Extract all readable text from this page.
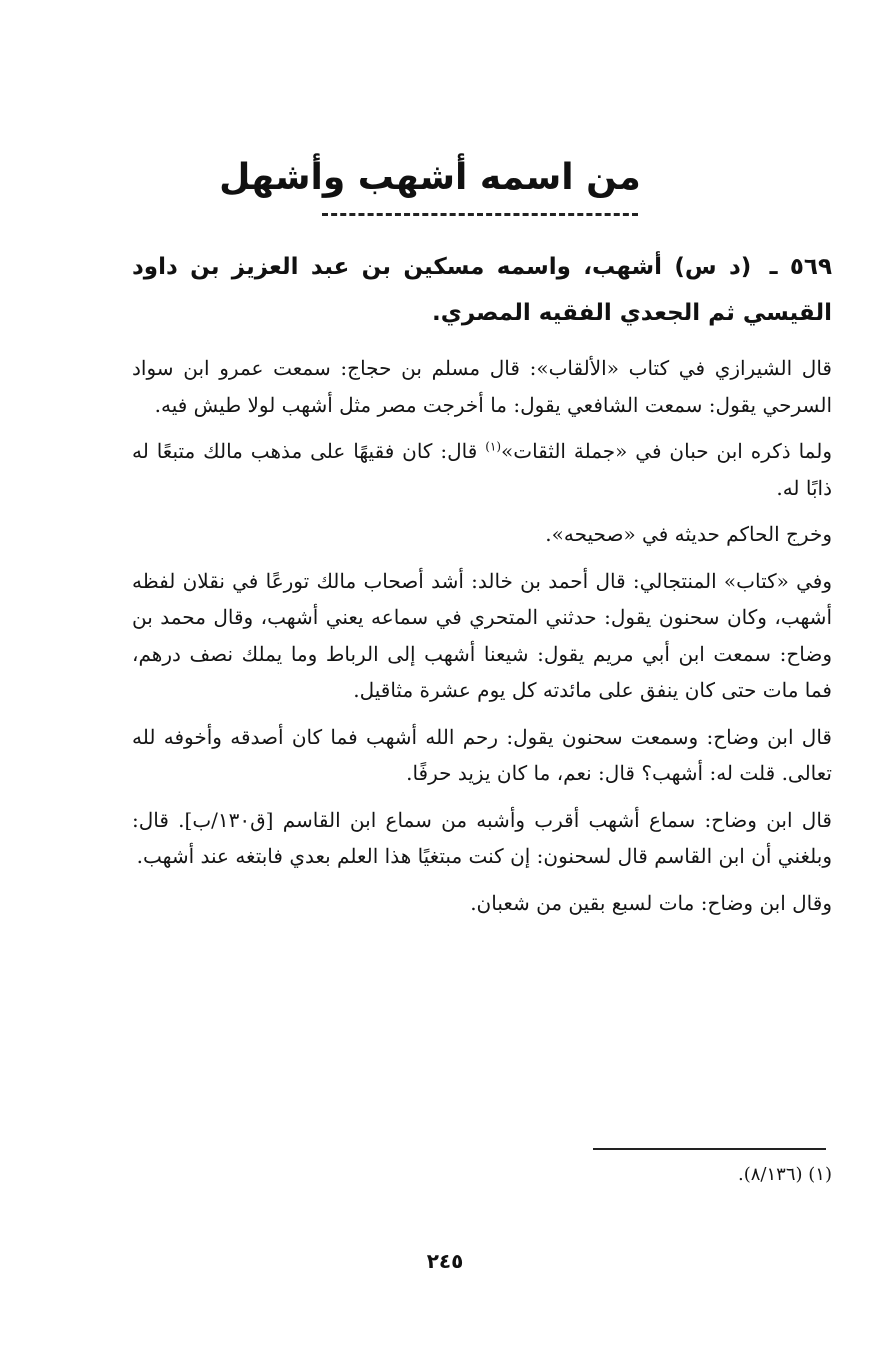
من اسمه أشهب وأشهل

٥٦٩ ـ (د س) أشهب، واسمه مسكين بن عبد العزيز بن داود القيسي ثم الجعدي الفقيه المصري.

قال الشيرازي في كتاب «الألقاب»: قال مسلم بن حجاج: سمعت عمرو ابن سواد السرحي يقول: سمعت الشافعي يقول: ما أخرجت مصر مثل أشهب لولا طيش فيه.

ولما ذكره ابن حبان في «جملة الثقات»$^{(١)}$ قال: كان فقيهًا على مذهب مالك متبعًا له ذابًا له.

وخرج الحاكم حديثه في «صحيحه».

وفي «كتاب» المنتجالي: قال أحمد بن خالد: أشد أصحاب مالك تورعًا في نقلان لفظه أشهب، وكان سحنون يقول: حدثني المتحري في سماعه يعني أشهب، وقال محمد بن وضاح: سمعت ابن أبي مريم يقول: شيعنا أشهب إلى الرباط وما يملك نصف درهم، فما مات حتى كان ينفق على مائدته كل يوم عشرة مثاقيل.

قال ابن وضاح: وسمعت سحنون يقول: رحم الله أشهب فما كان أصدقه وأخوفه لله تعالى. قلت له: أشهب؟ قال: نعم، ما كان يزيد حرفًا.

قال ابن وضاح: سماع أشهب أقرب وأشبه من سماع ابن القاسم [ق١٣٠/ب]. قال: وبلغني أن ابن القاسم قال لسحنون: إن كنت مبتغيًا هذا العلم بعدي فابتغه عند أشهب.

وقال ابن وضاح: مات لسبع بقين من شعبان.

(١) (٨/١٣٦).
٢٤٥
